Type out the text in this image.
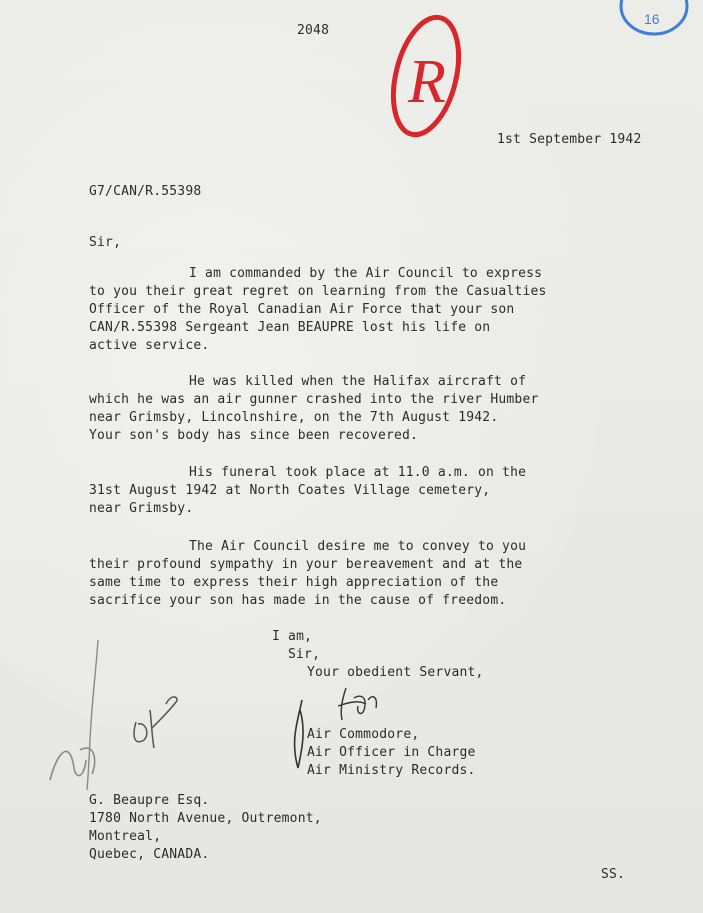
2048
R
16
1st September 1942
G7/CAN/R.55398
Sir,
I am commanded by the Air Council to express
to you their great regret on learning from the Casualties
Officer of the Royal Canadian Air Force that your son
CAN/R.55398 Sergeant Jean BEAUPRE lost his life on
active service.
He was killed when the Halifax aircraft of
which he was an air gunner crashed into the river Humber
near Grimsby, Lincolnshire, on the 7th August 1942.
Your son's body has since been recovered.
His funeral took place at 11.0 a.m. on the
31st August 1942 at North Coates Village cemetery,
near Grimsby.
The Air Council desire me to convey to you
their profound sympathy in your bereavement and at the
same time to express their high appreciation of the
sacrifice your son has made in the cause of freedom.
I am,
Sir,
Your obedient Servant,
Air Commodore,
Air Officer in Charge
Air Ministry Records.
G. Beaupre Esq.
1780 North Avenue, Outremont,
Montreal,
Quebec, CANADA.
SS.
